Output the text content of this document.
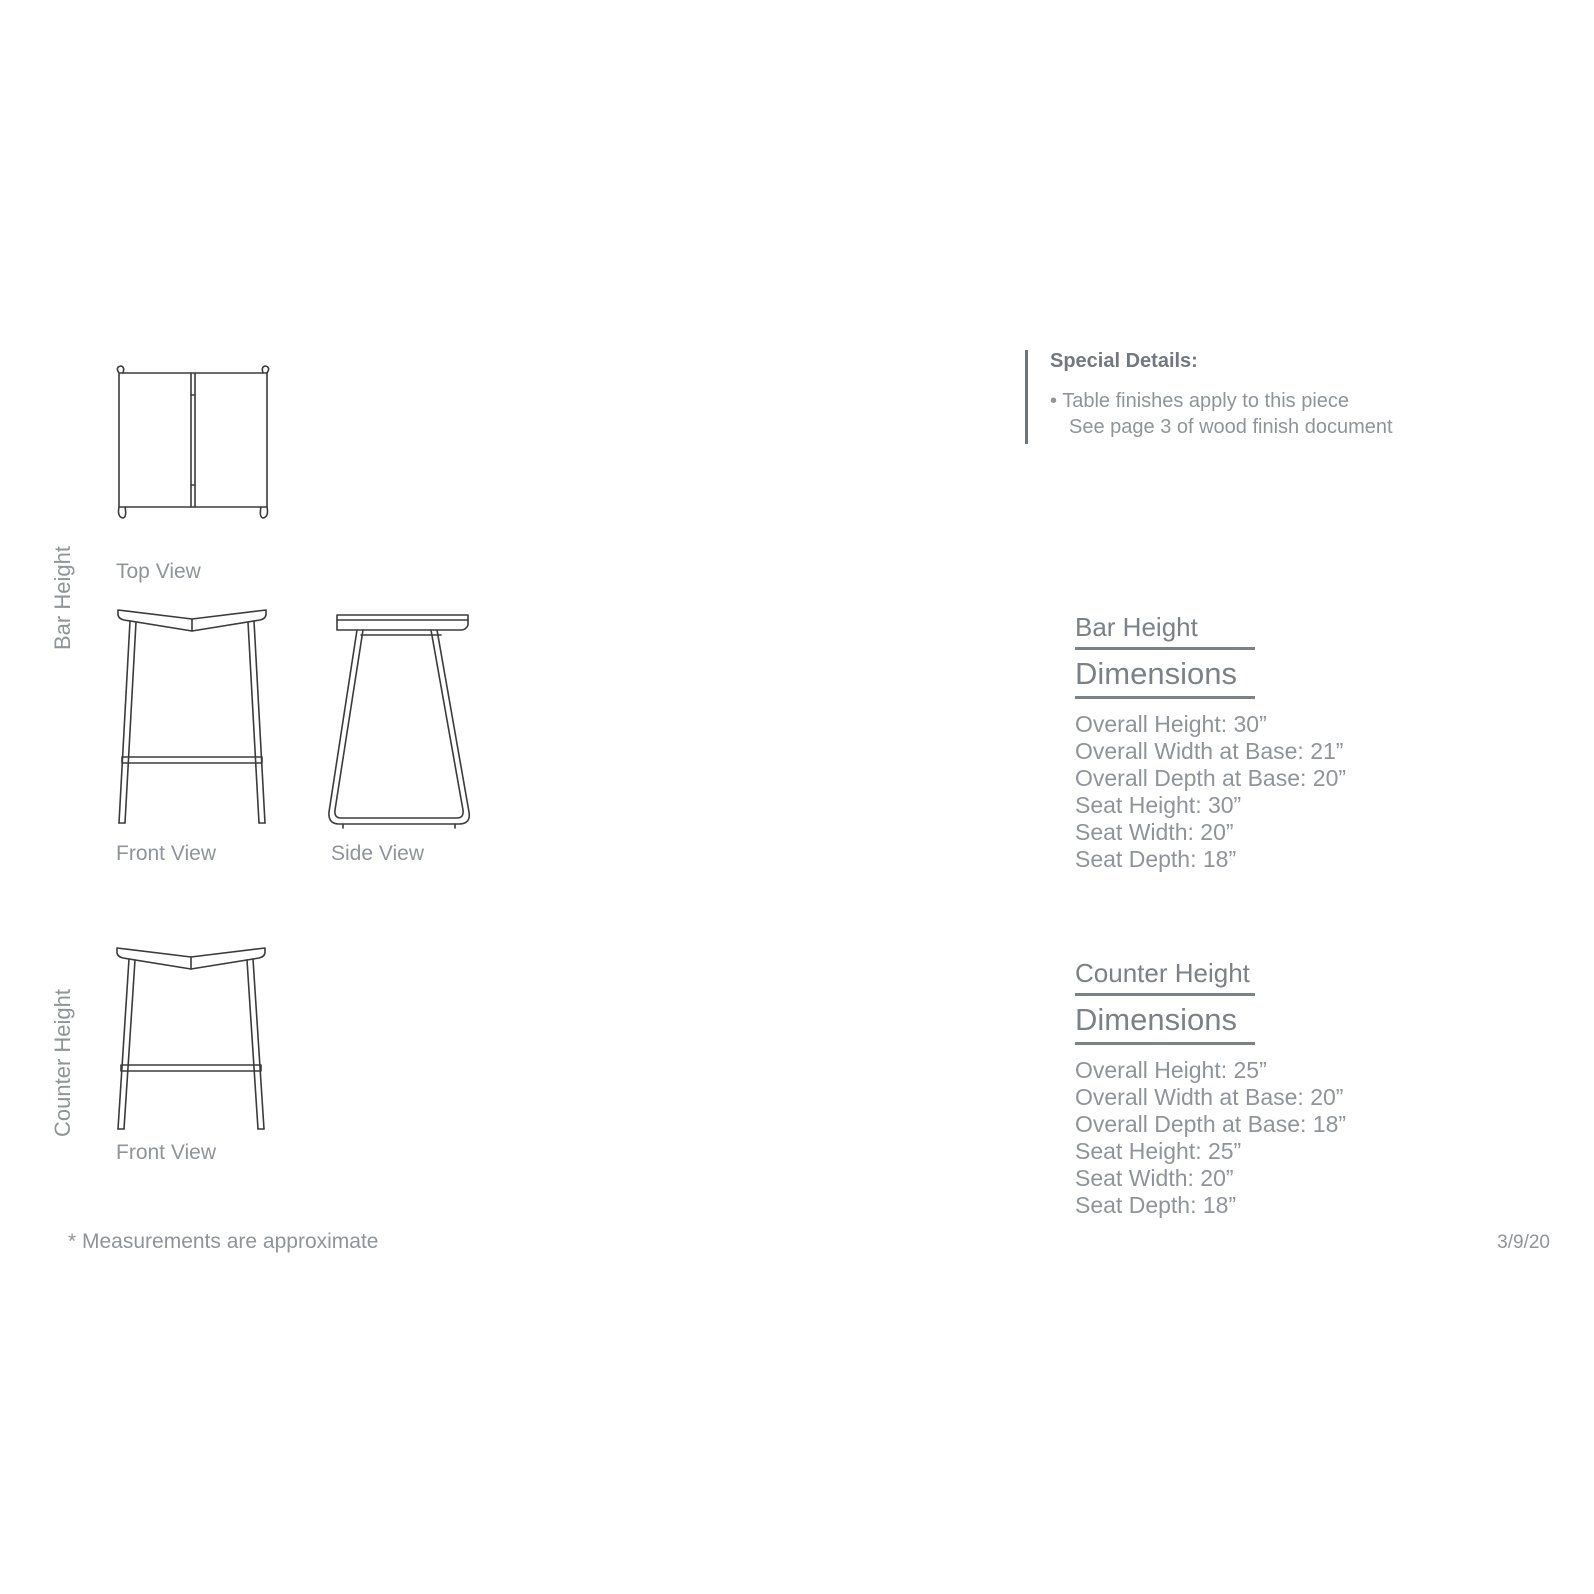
Bar Height
Counter Height
Top View
Front View	Side View
Front View
Special Details:
• Table finishes apply to this piece
See page 3 of wood finish document
Bar Height
Dimensions
Overall Height: 30”
Overall Width at Base: 21”
Overall Depth at Base: 20”
Seat Height: 30”
Seat Width: 20”
Seat Depth: 18”
Counter Height
Dimensions
Overall Height: 25”
Overall Width at Base: 20”
Overall Depth at Base: 18”
Seat Height: 25”
Seat Width: 20”
Seat Depth: 18”
* Measurements are approximate	3/9/20
